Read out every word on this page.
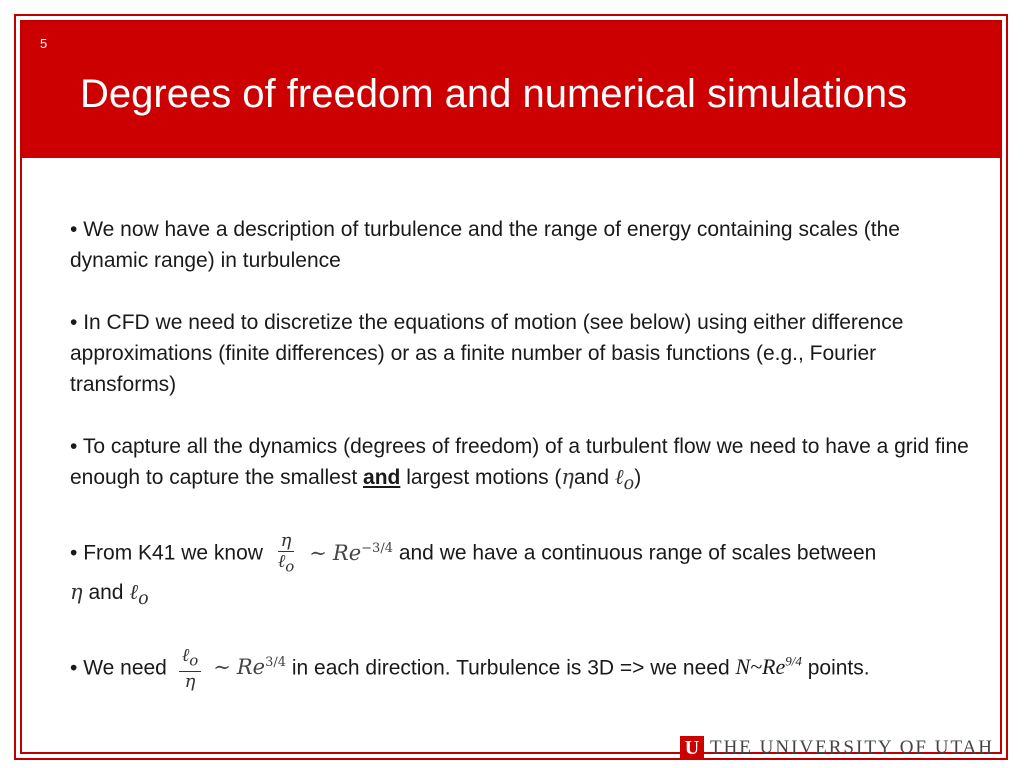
5
Degrees of freedom and numerical simulations

• We now have a description of turbulence and the range of energy containing scales (the dynamic range) in turbulence

• In CFD we need to discretize the equations of motion (see below) using either difference approximations (finite differences) or as a finite number of basis functions (e.g., Fourier transforms)

• To capture all the dynamics (degrees of freedom) of a turbulent flow we need to have a grid fine enough to capture the smallest and largest motions (ηand ℓ$_o$)

• From K41 we know $\frac{\eta}{\ell_o}$ ∼ $Re^{-3/4}$ and we have a continuous range of scales between
η and ℓ$_o$

• We need $\frac{\ell_o}{\eta}$ ∼ $Re^{3/4}$ in each direction. Turbulence is 3D => we need $N\sim Re^{9/4}$ points.

U THE UNIVERSITY OF UTAH
